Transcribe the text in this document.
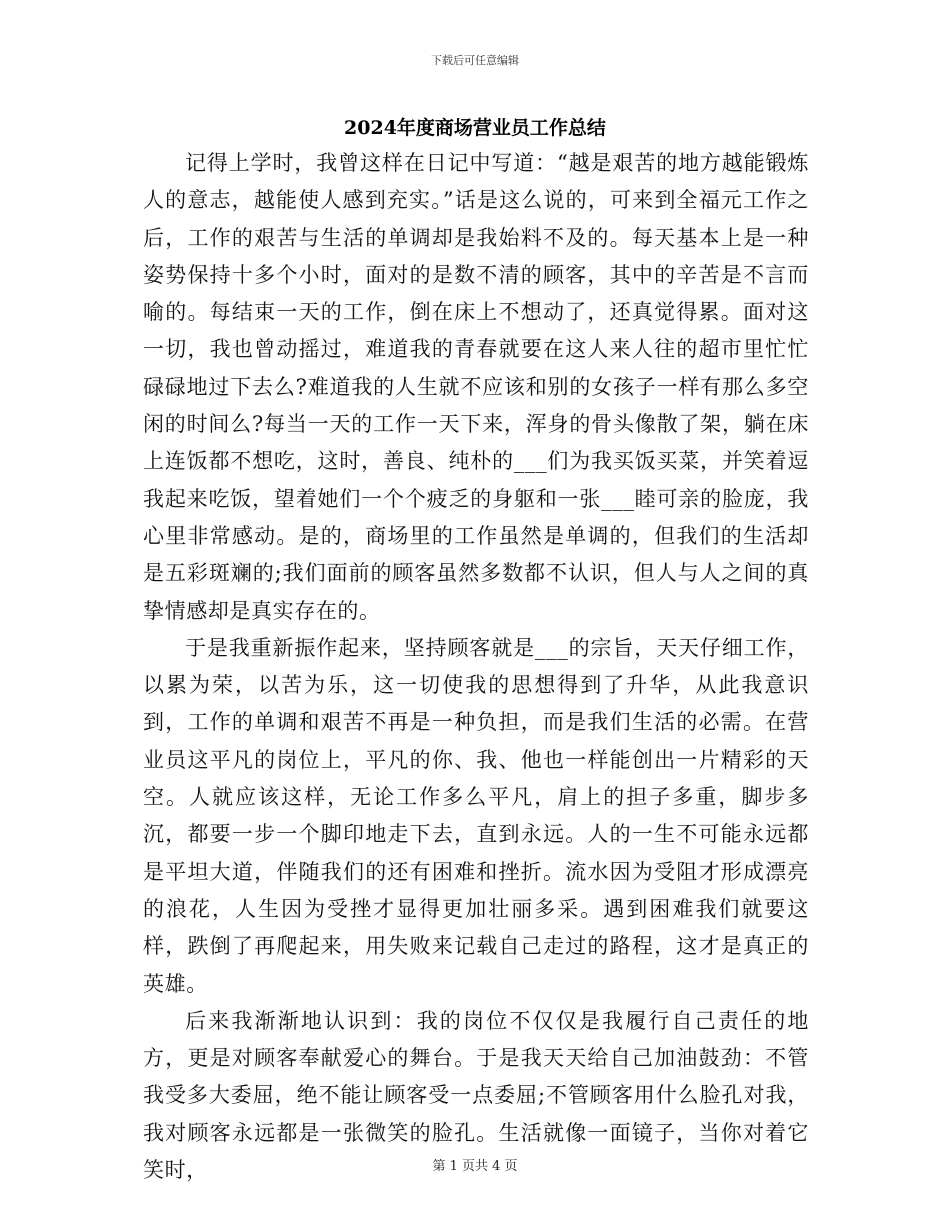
下载后可任意编辑
2024年度商场营业员工作总结

记得上学时，我曾这样在日记中写道：“越是艰苦的地方越能锻炼人的意志，越能使人感到充实。”话是这么说的，可来到全福元工作之后，工作的艰苦与生活的单调却是我始料不及的。每天基本上是一种姿势保持十多个小时，面对的是数不清的顾客，其中的辛苦是不言而喻的。每结束一天的工作，倒在床上不想动了，还真觉得累。面对这一切，我也曾动摇过，难道我的青春就要在这人来人往的超市里忙忙碌碌地过下去么?难道我的人生就不应该和别的女孩子一样有那么多空闲的时间么?每当一天的工作一天下来，浑身的骨头像散了架，躺在床上连饭都不想吃，这时，善良、纯朴的___们为我买饭买菜，并笑着逗我起来吃饭，望着她们一个个疲乏的身躯和一张___睦可亲的脸庞，我心里非常感动。是的，商场里的工作虽然是单调的，但我们的生活却是五彩斑斓的;我们面前的顾客虽然多数都不认识，但人与人之间的真挚情感却是真实存在的。

于是我重新振作起来，坚持顾客就是___的宗旨，天天仔细工作，以累为荣，以苦为乐，这一切使我的思想得到了升华，从此我意识到，工作的单调和艰苦不再是一种负担，而是我们生活的必需。在营业员这平凡的岗位上，平凡的你、我、他也一样能创出一片精彩的天空。人就应该这样，无论工作多么平凡，肩上的担子多重，脚步多沉，都要一步一个脚印地走下去，直到永远。人的一生不可能永远都是平坦大道，伴随我们的还有困难和挫折。流水因为受阻才形成漂亮的浪花，人生因为受挫才显得更加壮丽多采。遇到困难我们就要这样，跌倒了再爬起来，用失败来记载自己走过的路程，这才是真正的英雄。

后来我渐渐地认识到：我的岗位不仅仅是我履行自己责任的地方，更是对顾客奉献爱心的舞台。于是我天天给自己加油鼓劲：不管我受多大委屈，绝不能让顾客受一点委屈;不管顾客用什么脸孔对我，我对顾客永远都是一张微笑的脸孔。生活就像一面镜子，当你对着它笑时，	第 1 页共 4 页
